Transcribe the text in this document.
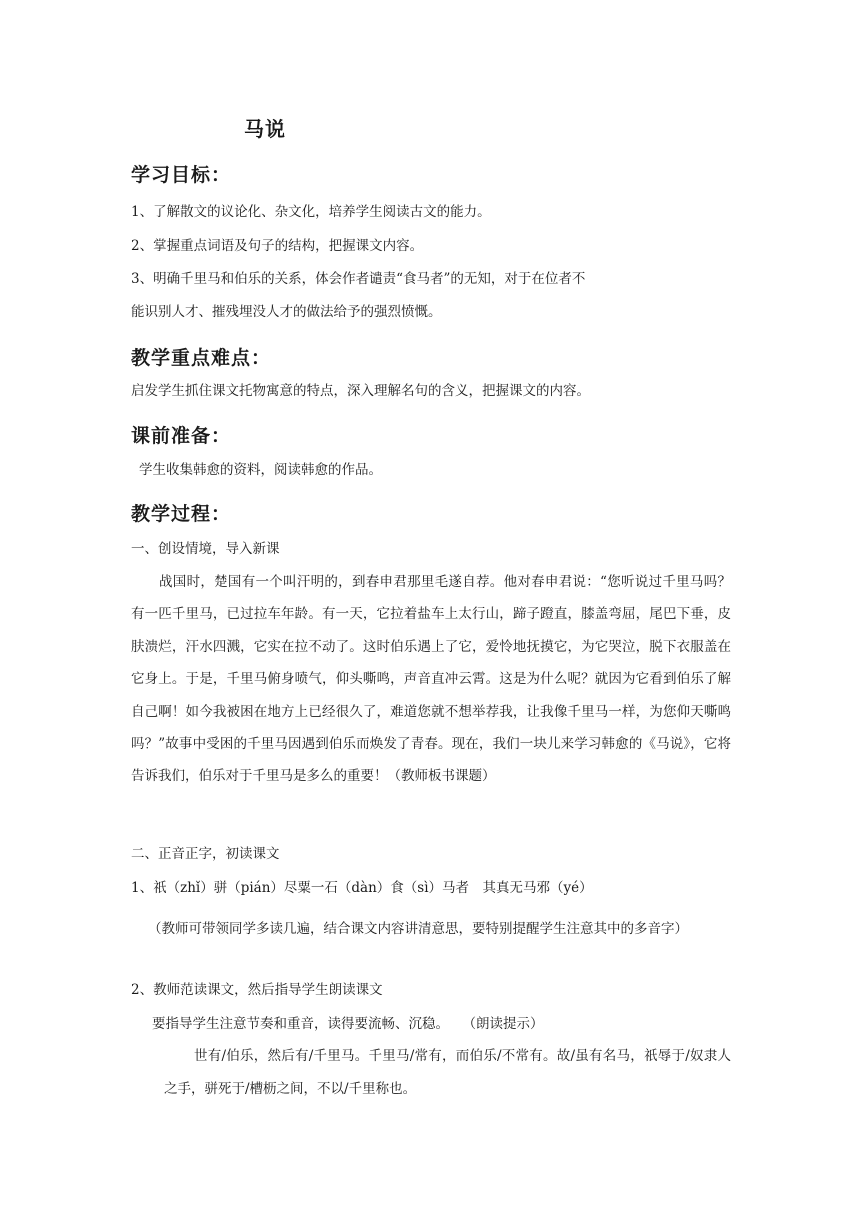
马说
学习目标：
1、了解散文的议论化、杂文化，培养学生阅读古文的能力。
2、掌握重点词语及句子的结构，把握课文内容。
3、明确千里马和伯乐的关系，体会作者谴责“食马者”的无知，对于在位者不
能识别人才、摧残埋没人才的做法给予的强烈愤慨。
教学重点难点：
启发学生抓住课文托物寓意的特点，深入理解名句的含义，把握课文的内容。
课前准备：
学生收集韩愈的资料，阅读韩愈的作品。
教学过程：
一、创设情境，导入新课
战国时，楚国有一个叫汗明的，到春申君那里毛遂自荐。他对春申君说：“您听说过千里马吗？有一匹千里马，已过拉车年龄。有一天，它拉着盐车上太行山，蹄子蹬直，膝盖弯屈，尾巴下垂，皮肤溃烂，汗水四溅，它实在拉不动了。这时伯乐遇上了它，爱怜地抚摸它，为它哭泣，脱下衣服盖在它身上。于是，千里马俯身喷气，仰头嘶鸣，声音直冲云霄。这是为什么呢？就因为它看到伯乐了解自己啊！如今我被困在地方上已经很久了，难道您就不想举荐我，让我像千里马一样，为您仰天嘶鸣吗？”故事中受困的千里马因遇到伯乐而焕发了青春。现在，我们一块儿来学习韩愈的《马说》，它将告诉我们，伯乐对于千里马是多么的重要！（教师板书课题）
二、正音正字，初读课文
1、祇（zhǐ）骈（pián）尽粟一石（dàn）食（sì）马者　其真无马邪（yé）
（教师可带领同学多读几遍，结合课文内容讲清意思，要特别提醒学生注意其中的多音字）
2、教师范读课文，然后指导学生朗读课文
要指导学生注意节奏和重音，读得要流畅、沉稳。　　（朗读提示）
世有/伯乐，然后有/千里马。千里马/常有，而伯乐/不常有。故/虽有名马，祇辱于/奴隶人之手，骈死于/槽枥之间，不以/千里称也。
